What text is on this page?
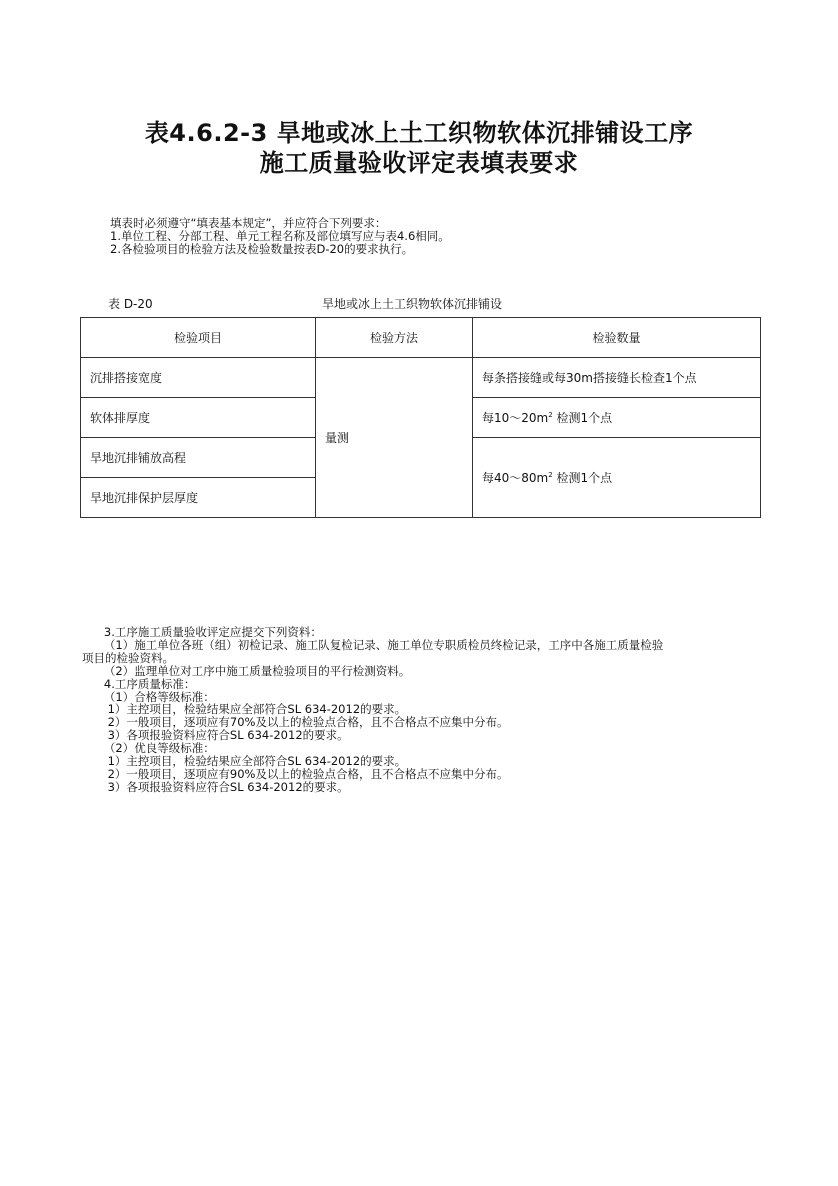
表4.6.2-3 旱地或冰上土工织物软体沉排铺设工序
施工质量验收评定表填表要求
填表时必须遵守“填表基本规定”，并应符合下列要求：
1.单位工程、分部工程、单元工程名称及部位填写应与表4.6相同。
2.各检验项目的检验方法及检验数量按表D-20的要求执行。
表 D-20	旱地或冰上土工织物软体沉排铺设
检验项目	检验方法	检验数量
沉排搭接宽度	量测	每条搭接缝或每30m搭接缝长检查1个点
软体排厚度		每$10\sim 20m^2$ 检测1个点
旱地沉排铺放高程		每$40\sim 80m^2$ 检测1个点
旱地沉排保护层厚度		
3.工序施工质量验收评定应提交下列资料：
（1）施工单位各班（组）初检记录、施工队复检记录、施工单位专职质检员终检记录，工序中各施工质量检验
项目的检验资料。
（2）监理单位对工序中施工质量检验项目的平行检测资料。
4.工序质量标准：
（1）合格等级标准：
1）主控项目，检验结果应全部符合SL 634-2012的要求。
2）一般项目，逐项应有70%及以上的检验点合格，且不合格点不应集中分布。
3）各项报验资料应符合SL 634-2012的要求。
（2）优良等级标准：
1）主控项目，检验结果应全部符合SL 634-2012的要求。
2）一般项目，逐项应有90%及以上的检验点合格，且不合格点不应集中分布。
3）各项报验资料应符合SL 634-2012的要求。
